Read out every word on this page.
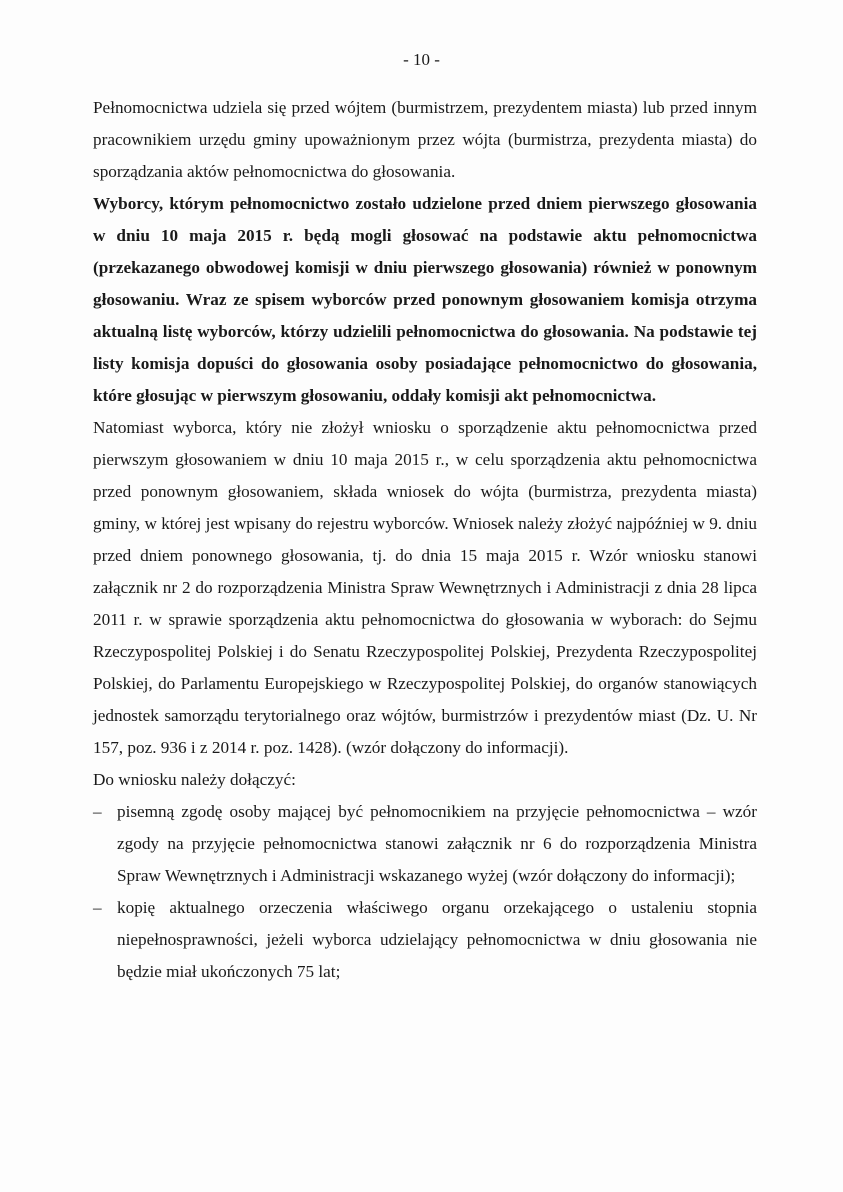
- 10 -

Pełnomocnictwa udziela się przed wójtem (burmistrzem, prezydentem miasta) lub przed innym pracownikiem urzędu gminy upoważnionym przez wójta (burmistrza, prezydenta miasta) do sporządzania aktów pełnomocnictwa do głosowania.

Wyborcy, którym pełnomocnictwo zostało udzielone przed dniem pierwszego głosowania w dniu 10 maja 2015 r. będą mogli głosować na podstawie aktu pełnomocnictwa (przekazanego obwodowej komisji w dniu pierwszego głosowania) również w ponownym głosowaniu. Wraz ze spisem wyborców przed ponownym głosowaniem komisja otrzyma aktualną listę wyborców, którzy udzielili pełnomocnictwa do głosowania. Na podstawie tej listy komisja dopuści do głosowania osoby posiadające pełnomocnictwo do głosowania, które głosując w pierwszym głosowaniu, oddały komisji akt pełnomocnictwa.

Natomiast wyborca, który nie złożył wniosku o sporządzenie aktu pełnomocnictwa przed pierwszym głosowaniem w dniu 10 maja 2015 r., w celu sporządzenia aktu pełnomocnictwa przed ponownym głosowaniem, składa wniosek do wójta (burmistrza, prezydenta miasta) gminy, w której jest wpisany do rejestru wyborców. Wniosek należy złożyć najpóźniej w 9. dniu przed dniem ponownego głosowania, tj. do dnia 15 maja 2015 r. Wzór wniosku stanowi załącznik nr 2 do rozporządzenia Ministra Spraw Wewnętrznych i Administracji z dnia 28 lipca 2011 r. w sprawie sporządzenia aktu pełnomocnictwa do głosowania w wyborach: do Sejmu Rzeczypospolitej Polskiej i do Senatu Rzeczypospolitej Polskiej, Prezydenta Rzeczypospolitej Polskiej, do Parlamentu Europejskiego w Rzeczypospolitej Polskiej, do organów stanowiących jednostek samorządu terytorialnego oraz wójtów, burmistrzów i prezydentów miast (Dz. U. Nr 157, poz. 936 i z 2014 r. poz. 1428). (wzór dołączony do informacji).

Do wniosku należy dołączyć:

– pisemną zgodę osoby mającej być pełnomocnikiem na przyjęcie pełnomocnictwa – wzór zgody na przyjęcie pełnomocnictwa stanowi załącznik nr 6 do rozporządzenia Ministra Spraw Wewnętrznych i Administracji wskazanego wyżej (wzór dołączony do informacji);
– kopię aktualnego orzeczenia właściwego organu orzekającego o ustaleniu stopnia niepełnosprawności, jeżeli wyborca udzielający pełnomocnictwa w dniu głosowania nie będzie miał ukończonych 75 lat;
